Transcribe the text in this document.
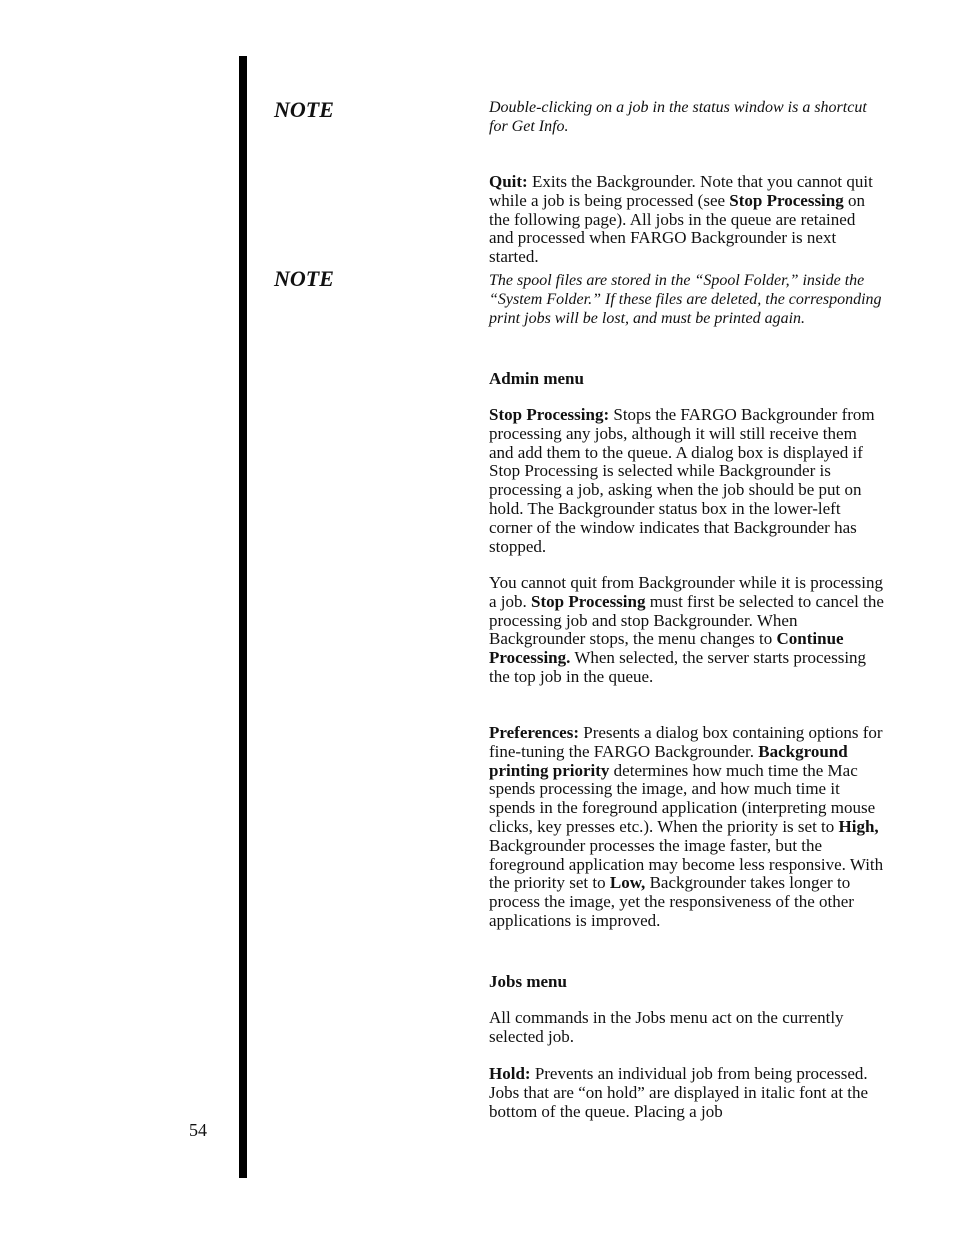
NOTE
NOTE
Double-clicking on a job in the status window is a shortcut for Get Info.

Quit: Exits the Backgrounder. Note that you cannot quit while a job is being processed (see Stop Processing on the following page). All jobs in the queue are retained and processed when FARGO Backgrounder is next started.

The spool files are stored in the “Spool Folder,” inside the “System Folder.” If these files are deleted, the corresponding print jobs will be lost, and must be printed again.
Admin menu

Stop Processing: Stops the FARGO Backgrounder from processing any jobs, although it will still receive them and add them to the queue. A dialog box is displayed if Stop Processing is selected while Backgrounder is processing a job, asking when the job should be put on hold. The Backgrounder status box in the lower-left corner of the window indicates that Backgrounder has stopped.

You cannot quit from Backgrounder while it is processing a job. Stop Processing must first be selected to cancel the processing job and stop Backgrounder. When Backgrounder stops, the menu changes to Continue Processing. When selected, the server starts processing the top job in the queue.

Preferences: Presents a dialog box containing options for fine-tuning the FARGO Backgrounder. Background printing priority determines how much time the Mac spends processing the image, and how much time it spends in the foreground application (interpreting mouse clicks, key presses etc.). When the priority is set to High, Backgrounder processes the image faster, but the foreground application may become less responsive. With the priority set to Low, Backgrounder takes longer to process the image, yet the responsiveness of the other applications is improved.

Jobs menu

All commands in the Jobs menu act on the currently selected job.

Hold: Prevents an individual job from being processed. Jobs that are “on hold” are displayed in italic font at the bottom of the queue. Placing a job

54
